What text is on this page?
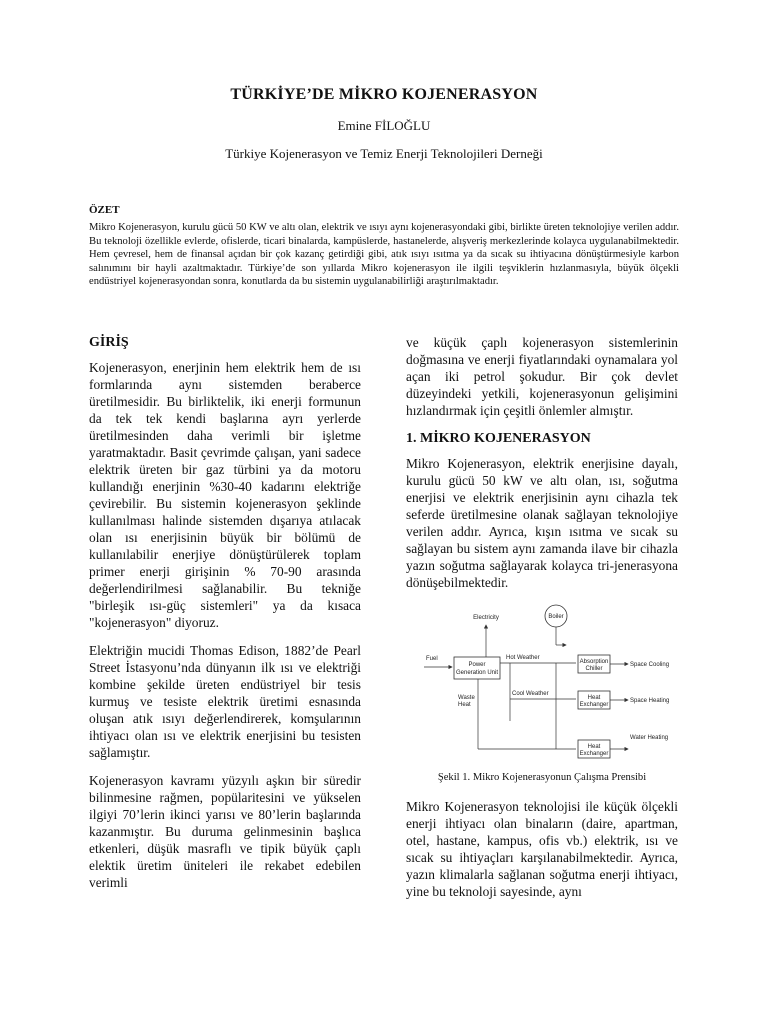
TÜRKİYE’DE MİKRO KOJENERASYON
Emine FİLOĞLU
Türkiye Kojenerasyon ve Temiz Enerji Teknolojileri Derneği
ÖZET

Mikro Kojenerasyon, kurulu gücü 50 KW ve altı olan, elektrik ve ısıyı aynı kojenerasyondaki gibi, birlikte üreten teknolojiye verilen addır. Bu teknoloji özellikle evlerde, ofislerde, ticari binalarda, kampüslerde, hastanelerde, alışveriş merkezlerinde kolayca uygulanabilmektedir. Hem çevresel, hem de finansal açıdan bir çok kazanç getirdiği gibi, atık ısıyı ısıtma ya da sıcak su ihtiyacına dönüştürmesiyle karbon salınımını bir hayli azaltmaktadır. Türkiye’de son yıllarda Mikro kojenerasyon ile ilgili teşviklerin hızlanmasıyla, büyük ölçekli endüstriyel kojenerasyondan sonra, konutlarda da bu sistemin uygulanabilirliği araştırılmaktadır.

GİRİŞ

Kojenerasyon, enerjinin hem elektrik hem de ısı formlarında aynı sistemden beraberce üretilmesidir. Bu birliktelik, iki enerji formunun da tek tek kendi başlarına ayrı yerlerde üretilmesinden daha verimli bir işletme yaratmaktadır. Basit çevrimde çalışan, yani sadece elektrik üreten bir gaz türbini ya da motoru kullandığı enerjinin %30-40 kadarını elektriğe çevirebilir. Bu sistemin kojenerasyon şeklinde kullanılması halinde sistemden dışarıya atılacak olan ısı enerjisinin büyük bir bölümü de kullanılabilir enerjiye dönüştürülerek toplam primer enerji girişinin % 70-90 arasında değerlendirilmesi sağlanabilir. Bu tekniğe "birleşik ısı-güç sistemleri" ya da kısaca "kojenerasyon" diyoruz.

Elektriğin mucidi Thomas Edison, 1882’de Pearl Street İstasyonu’nda dünyanın ilk ısı ve elektriği kombine şekilde üreten endüstriyel bir tesis kurmuş ve tesiste elektrik üretimi esnasında oluşan atık ısıyı değerlendirerek, komşularının ihtiyacı olan ısı ve elektrik enerjisini bu tesisten sağlamıştır.

Kojenerasyon kavramı yüzyılı aşkın bir süredir bilinmesine rağmen, popülaritesini ve yükselen ilgiyi 70’lerin ikinci yarısı ve 80’lerin başlarında kazanmıştır. Bu duruma gelinmesinin başlıca etkenleri, düşük masraflı ve tipik büyük çaplı elektik üretim üniteleri ile rekabet edebilen verimli

ve küçük çaplı kojenerasyon sistemlerinin doğmasına ve enerji fiyatlarındaki oynamalara yol açan iki petrol şokudur. Bir çok devlet düzeyindeki yetkili, kojenerasyonun gelişimini hızlandırmak için çeşitli önlemler almıştır.

1. MİKRO KOJENERASYON

Mikro Kojenerasyon, elektrik enerjisine dayalı, kurulu gücü 50 kW ve altı olan, ısı, soğutma enerjisi ve elektrik enerjisinin aynı cihazla tek seferde üretilmesine olanak sağlayan teknolojiye verilen addır. Ayrıca, kışın ısıtma ve sıcak su sağlayan bu sistem aynı zamanda ilave bir cihazla yazın soğutma sağlayarak kolayca tri-jenerasyona dönüşebilmektedir.

Boiler
Electricity
Fuel
Power
Generation Unit
Hot Weather
Cool Weather
Waste
Heat
Absorption
Chiller
Space Cooling
Heat
Exchanger
Space Heating
Heat
Exchanger
Water Heating
Şekil 1. Mikro Kojenerasyonun Çalışma Prensibi

Mikro Kojenerasyon teknolojisi ile küçük ölçekli enerji ihtiyacı olan binaların (daire, apartman, otel, hastane, kampus, ofis vb.) elektrik, ısı ve sıcak su ihtiyaçları karşılanabilmektedir. Ayrıca, yazın klimalarla sağlanan soğutma enerji ihtiyacı, yine bu teknoloji sayesinde, aynı
